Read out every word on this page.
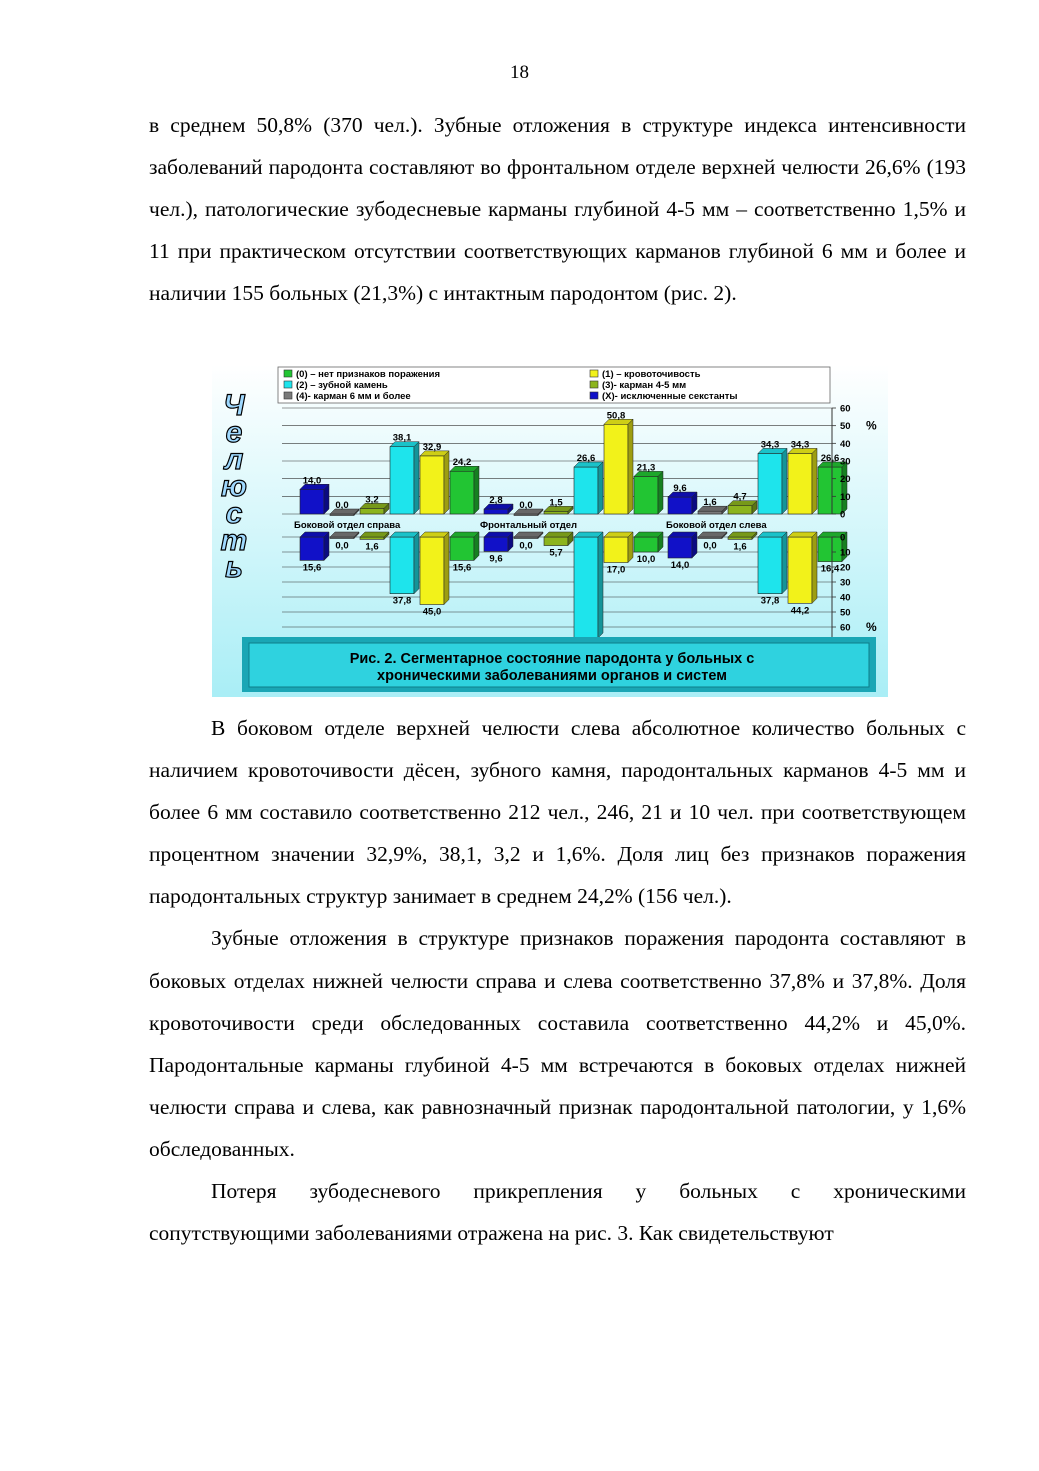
18

в среднем 50,8% (370 чел.). Зубные отложения в структуре индекса интенсивности заболеваний пародонта составляют во фронтальном отделе верхней челюсти 26,6% (193 чел.), патологические зубодесневые карманы глубиной 4-5 мм – соответственно 1,5% и 11 при практическом отсутствии соответствующих карманов глубиной 6 мм и более и наличии 155 больных (21,3%) с интактным пародонтом (рис. 2).

(0) – нет признаков поражения	(1) – кровоточивость
(2) – зубной камень	(3)- карман 4-5 мм
(4)- карман 6 мм и более	(X)- исключенные секстанты
14,0
2,8
9,6
0,0	0,0	1,6
3,2	1,5
4,7
38,1
26,6
34,3
32,9
50,8
34,3
24,2	21,3
26,6
15,6
9,6
14,0
0,0	0,0	0,0
1,6
5,7
1,6
37,8	37,8
45,0
17,0
44,2
15,6
10,0
16,4
60
50
40
30
20
10
0
0
10
20
30
40
50
60
%
%
Боковой отдел справа	Фронтальный отдел	Боковой отдел слева
Ч
е
л
ю
с
т
ь
Рис. 2. Сегментарное состояние пародонта у больных с
хроническими заболеваниями органов и систем

В боковом отделе верхней челюсти слева абсолютное количество больных с наличием кровоточивости дёсен, зубного камня, пародонтальных карманов 4-5 мм и более 6 мм составило соответственно 212 чел., 246, 21 и 10 чел. при соответствующем процентном значении 32,9%, 38,1, 3,2 и 1,6%. Доля лиц без признаков поражения пародонтальных структур занимает в среднем 24,2% (156 чел.).

Зубные отложения в структуре признаков поражения пародонта составляют в боковых отделах нижней челюсти справа и слева соответственно 37,8% и 37,8%. Доля кровоточивости среди обследованных составила соответственно 44,2% и 45,0%. Пародонтальные карманы глубиной 4-5 мм встречаются в боковых отделах нижней челюсти справа и слева, как равнозначный признак пародонтальной патологии, у 1,6% обследованных.

Потеря зубодесневого прикрепления у больных с хроническими сопутствующими заболеваниями отражена на рис. 3. Как свидетельствуют
